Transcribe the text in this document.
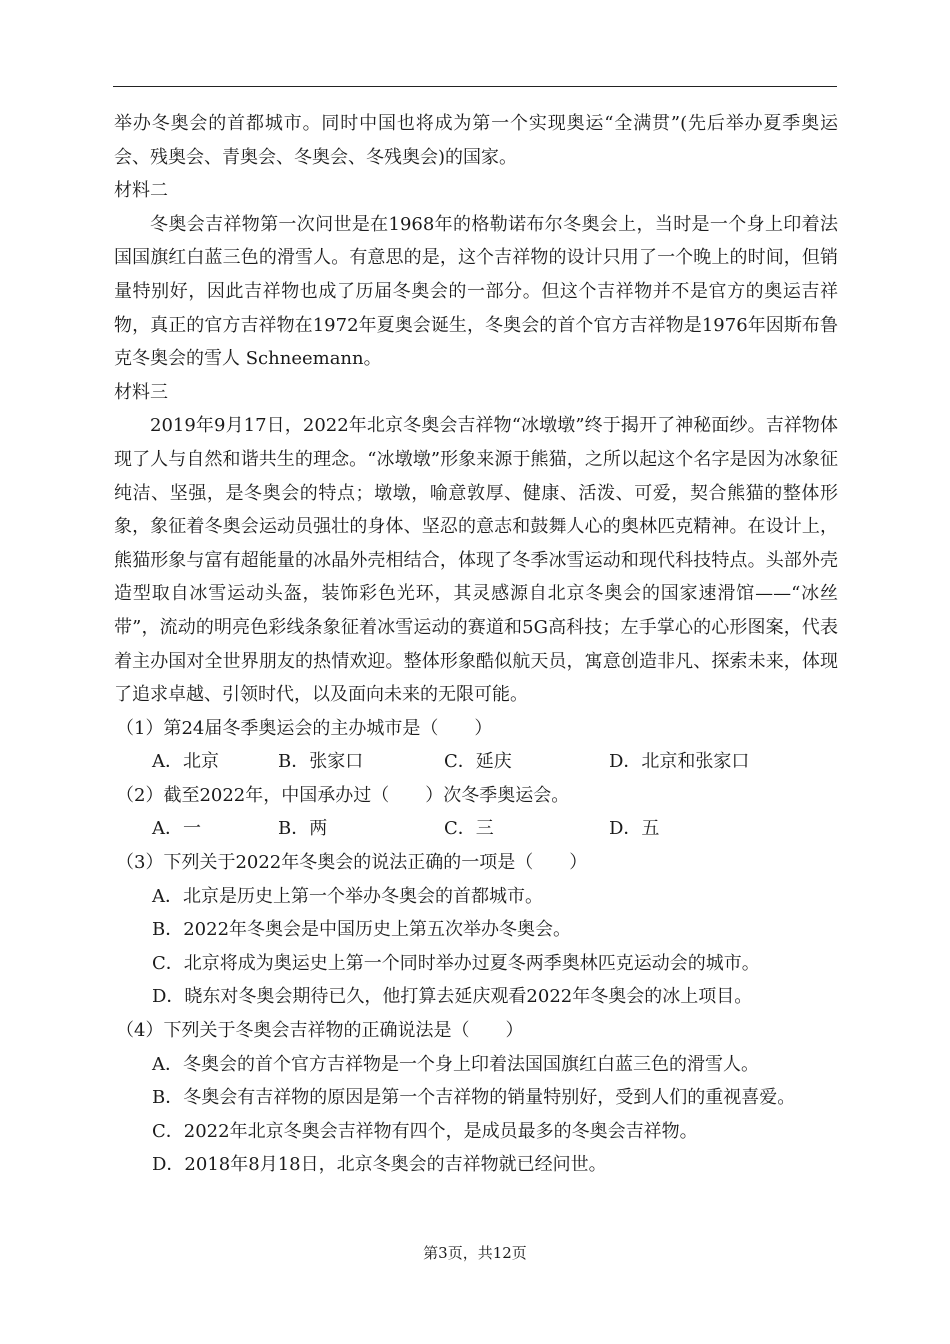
举办冬奥会的首都城市。同时中国也将成为第一个实现奥运“全满贯”(先后举办夏季奥运会、残奥会、青奥会、冬奥会、冬残奥会)的国家。

材料二

冬奥会吉祥物第一次问世是在1968年的格勒诺布尔冬奥会上，当时是一个身上印着法国国旗红白蓝三色的滑雪人。有意思的是，这个吉祥物的设计只用了一个晚上的时间，但销量特别好，因此吉祥物也成了历届冬奥会的一部分。但这个吉祥物并不是官方的奥运吉祥物，真正的官方吉祥物在1972年夏奥会诞生，冬奥会的首个官方吉祥物是1976年因斯布鲁克冬奥会的雪人 Schneemann。

材料三

2019年9月17日，2022年北京冬奥会吉祥物“冰墩墩”终于揭开了神秘面纱。吉祥物体现了人与自然和谐共生的理念。“冰墩墩”形象来源于熊猫，之所以起这个名字是因为冰象征纯洁、坚强，是冬奥会的特点；墩墩，喻意敦厚、健康、活泼、可爱，契合熊猫的整体形象，象征着冬奥会运动员强壮的身体、坚忍的意志和鼓舞人心的奥林匹克精神。在设计上，熊猫形象与富有超能量的冰晶外壳相结合，体现了冬季冰雪运动和现代科技特点。头部外壳造型取自冰雪运动头盔，装饰彩色光环，其灵感源自北京冬奥会的国家速滑馆——“冰丝带”，流动的明亮色彩线条象征着冰雪运动的赛道和5G高科技；左手掌心的心形图案，代表着主办国对全世界朋友的热情欢迎。整体形象酷似航天员，寓意创造非凡、探索未来，体现了追求卓越、引领时代，以及面向未来的无限可能。

（1）第24届冬季奥运会的主办城市是（　　）

A．北京	B．张家口	C．延庆	D．北京和张家口

（2）截至2022年，中国承办过（　　）次冬季奥运会。

A．一	B．两	C．三	D．五

（3）下列关于2022年冬奥会的说法正确的一项是（　　）

A．北京是历史上第一个举办冬奥会的首都城市。

B．2022年冬奥会是中国历史上第五次举办冬奥会。

C．北京将成为奥运史上第一个同时举办过夏冬两季奥林匹克运动会的城市。

D．晓东对冬奥会期待已久，他打算去延庆观看2022年冬奥会的冰上项目。

（4）下列关于冬奥会吉祥物的正确说法是（　　）

A．冬奥会的首个官方吉祥物是一个身上印着法国国旗红白蓝三色的滑雪人。

B．冬奥会有吉祥物的原因是第一个吉祥物的销量特别好，受到人们的重视喜爱。

C．2022年北京冬奥会吉祥物有四个，是成员最多的冬奥会吉祥物。

D．2018年8月18日，北京冬奥会的吉祥物就已经问世。

第3页，共12页
